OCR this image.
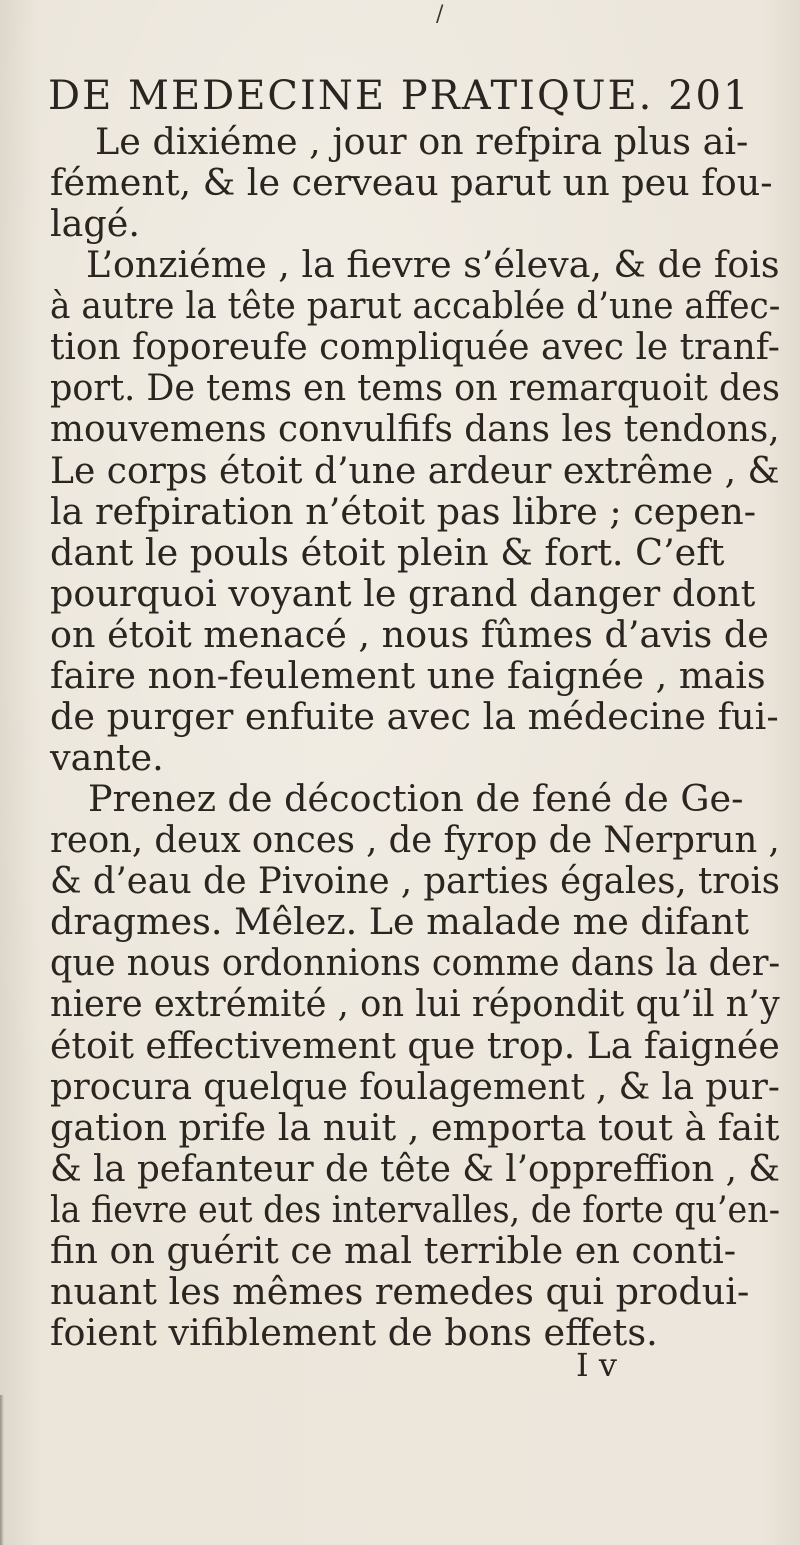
/
DE MEDECINE PRATIQUE. 201
Le dixiéme , jour on refpira plus ai-
fément, & le cerveau parut un peu fou-
lagé.
L’onziéme , la fievre s’éleva, & de fois
à autre la tête parut accablée d’une affec-
tion foporeufe compliquée avec le tranf-
port. De tems en tems on remarquoit des
mouvemens convulfifs dans les tendons,
Le corps étoit d’une ardeur extrême , &
la refpiration n’étoit pas libre ; cepen-
dant le pouls étoit plein & fort. C’eft
pourquoi voyant le grand danger dont
on étoit menacé , nous fûmes d’avis de
faire non-feulement une faignée , mais
de purger enfuite avec la médecine fui-
vante.
Prenez de décoction de fené de Ge-
reon, deux onces , de fyrop de Nerprun ,
& d’eau de Pivoine , parties égales, trois
dragmes. Mêlez. Le malade me difant
que nous ordonnions comme dans la der-
niere extrémité , on lui répondit qu’il n’y
étoit effectivement que trop. La faignée
procura quelque foulagement , & la pur-
gation prife la nuit , emporta tout à fait
& la pefanteur de tête & l’oppreffion , &
la fievre eut des intervalles, de forte qu’en-
fin on guérit ce mal terrible en conti-
nuant les mêmes remedes qui produi-
foient vifiblement de bons effets.
I v
